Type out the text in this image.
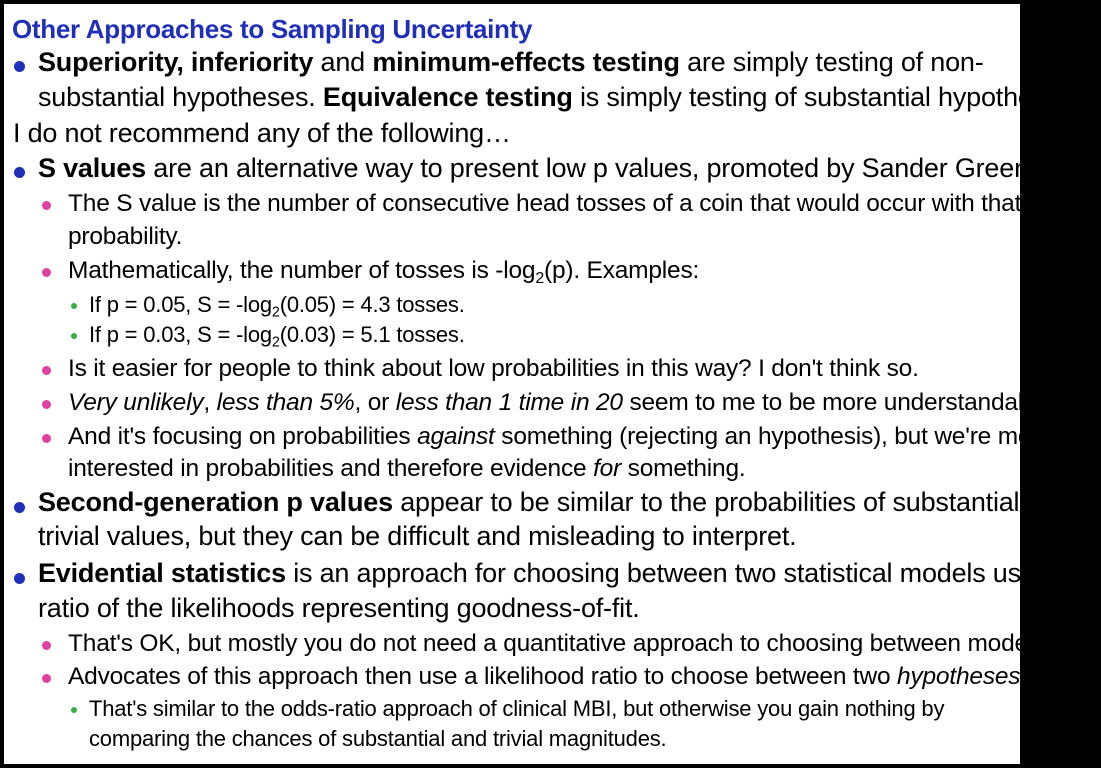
Other Approaches to Sampling Uncertainty
Superiority, inferiority and minimum-effects testing are simply testing of non-
substantial hypotheses. Equivalence testing is simply testing of substantial hypotheses.
I do not recommend any of the following…
S values are an alternative way to present low p values, promoted by Sander Greenland.
The S value is the number of consecutive head tosses of a coin that would occur with that low
probability.
Mathematically, the number of tosses is $-\log_2(p)$. Examples:
If p = 0.05, $S = -\log_2(0.05) = 4.3$ tosses.
If p = 0.03, $S = -\log_2(0.03) = 5.1$ tosses.
Is it easier for people to think about low probabilities in this way? I don't think so.
Very unlikely, less than 5%, or less than 1 time in 20 seem to me to be more understandable.
And it's focusing on probabilities against something (rejecting an hypothesis), but we're more
interested in probabilities and therefore evidence for something.
Second-generation p values appear to be similar to the probabilities of substantial and
trivial values, but they can be difficult and misleading to interpret.
Evidential statistics is an approach for choosing between two statistical models using the
ratio of the likelihoods representing goodness-of-fit.
That's OK, but mostly you do not need a quantitative approach to choosing between models.
Advocates of this approach then use a likelihood ratio to choose between two hypotheses.
That's similar to the odds-ratio approach of clinical MBI, but otherwise you gain nothing by
comparing the chances of substantial and trivial magnitudes.
